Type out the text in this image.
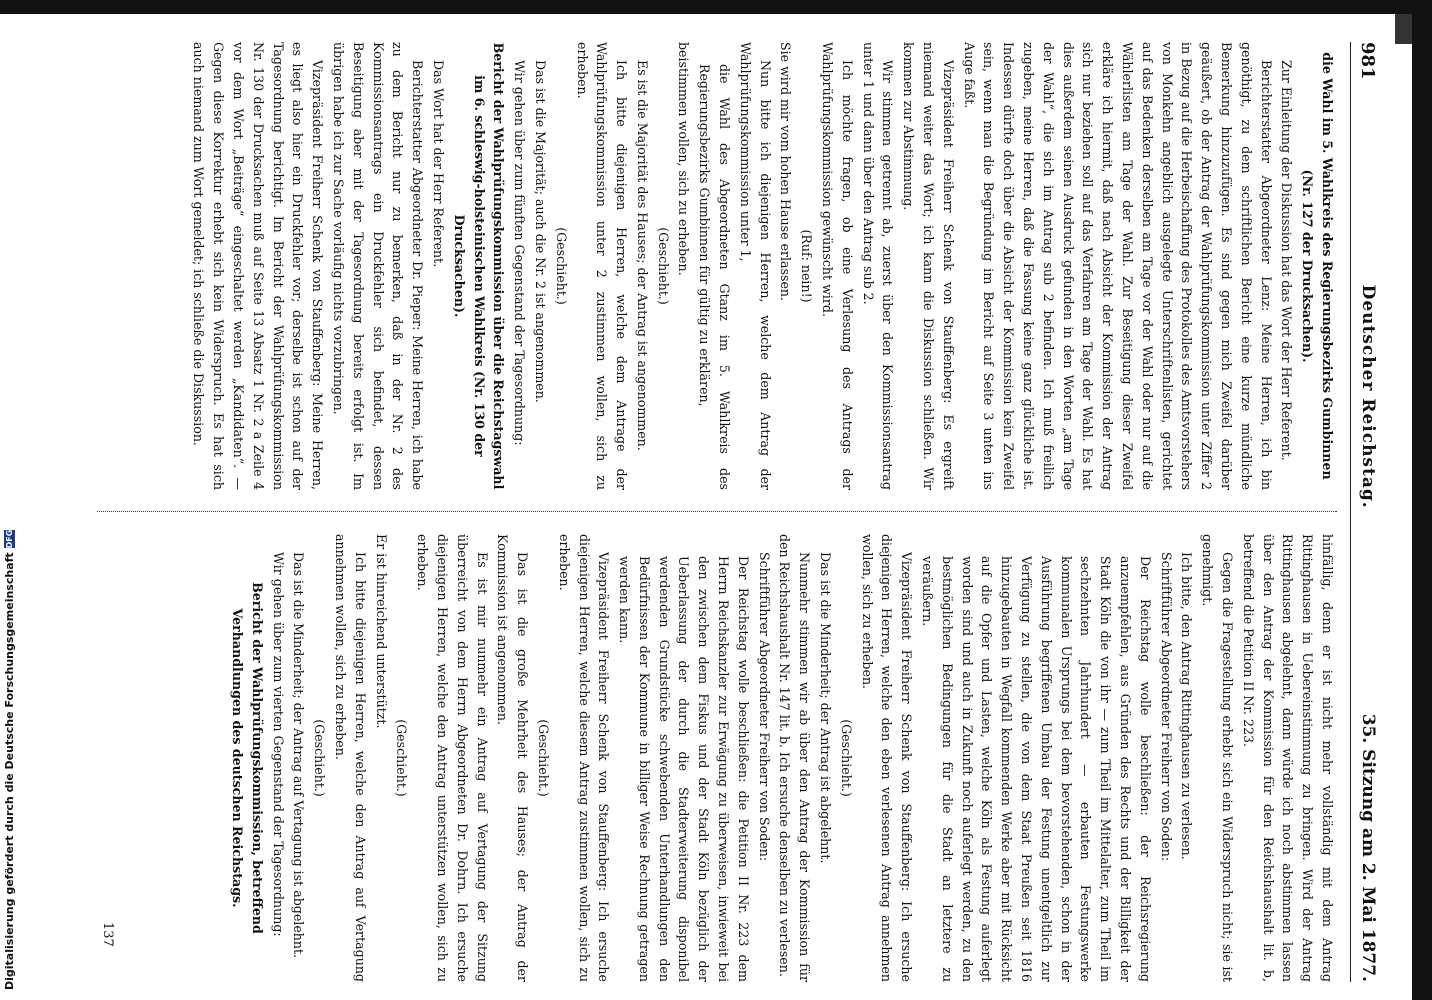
981
Deutscher Reichstag.
35. Sitzung am 2. Mai 1877.

die Wahl im 5. Wahlkreis des Regierungsbezirks Gumbinnen (Nr. 127 der Drucksachen).

Zur Einleitung der Diskussion hat das Wort der Herr Referent.

Berichterstatter Abgeordneter Lenz: Meine Herren, ich bin genöthigt, zu dem schriftlichen Bericht eine kurze mündliche Bemerkung hinzuzufügen. Es sind gegen mich Zweifel darüber geäußert, ob der Antrag der Wahlprüfungskommission unter Ziffer 2 in Bezug auf die Herbeischaffung des Protokolles des Amtsvorstehers von Monkehn angeblich ausgelegte Unterschriftenlisten, gerichtet auf das Bedenken derselben am Tage vor der Wahl oder nur auf die Wählerlisten am Tage der Wahl. Zur Beseitigung dieser Zweifel erkläre ich hiermit, daß nach Absicht der Kommission der Antrag sich nur beziehen soll auf das Verfahren am Tage der Wahl. Es hat dies außerdem seinen Ausdruck gefunden in den Worten „am Tage der Wahl“, die sich im Antrag sub 2 befinden. Ich muß freilich zugeben, meine Herren, daß die Fassung keine ganz glückliche ist. Indessen dürfte doch über die Absicht der Kommission kein Zweifel sein, wenn man die Begründung im Bericht auf Seite 3 unten ins Auge faßt.

Vizepräsident Freiherr Schenk von Stauffenberg: Es ergreift niemand weiter das Wort; ich kann die Diskussion schließen. Wir kommen zur Abstimmung.

Wir stimmen getrennt ab, zuerst über den Kommissionsantrag unter 1 und dann über den Antrag sub 2.

Ich möchte fragen, ob eine Verlesung des Antrags der Wahlprüfungskommission gewünscht wird.

(Ruf: nein!)

Sie wird mir vom hohen Hause erlassen.

Nun bitte ich diejenigen Herren, welche dem Antrag der Wahlprüfungskommission unter 1,

die Wahl des Abgeordneten Gtanz im 5. Wahlkreis des Regierungsbezirks Gumbinnen für gültig zu erklären,

beistimmen wollen, sich zu erheben.

(Geschieht.)

Es ist die Majorität des Hauses; der Antrag ist angenommen.

Ich bitte diejenigen Herren, welche dem Antrage der Wahlprüfungskommission unter 2 zustimmen wollen, sich zu erheben.

(Geschieht.)

Das ist die Majorität; auch die Nr. 2 ist angenommen.

Wir gehen über zum fünften Gegenstand der Tagesordnung:

Bericht der Wahlprüfungskommission über die Reichstagswahl im 6. schleswig-holsteinischen Wahlkreis (Nr. 130 der Drucksachen).

Das Wort hat der Herr Referent.

Berichterstatter Abgeordneter Dr. Pieper: Meine Herren, ich habe zu dem Bericht nur zu bemerken, daß in der Nr. 2 des Kommissionsantrags ein Druckfehler sich befindet, dessen Beseitigung aber mit der Tagesordnung bereits erfolgt ist. Im übrigen habe ich zur Sache vorläufig nichts vorzubringen.

Vizepräsident Freiherr Schenk von Stauffenberg: Meine Herren, es liegt also hier ein Druckfehler vor; derselbe ist schon auf der Tagesordnung berichtigt. Im Bericht der Wahlprüfungskommission Nr. 130 der Drucksachen muß auf Seite 13 Absatz 1 Nr. 2 a Zeile 4 vor dem Wort „Beiträge“ eingeschaltet werden „Kandidaten“. — Gegen diese Korrektur erhebt sich kein Widerspruch. Es hat sich auch niemand zum Wort gemeldet; ich schließe die Diskussion.

hinfällig, denn er ist nicht mehr vollständig mit dem Antrag Rittinghausen in Uebereinstimmung zu bringen. Wird der Antrag Rittinghausen abgelehnt, dann würde ich noch abstimmen lassen über den Antrag der Kommission für den Reichshaushalt lit. b, betreffend die Petition II Nr. 223.

Gegen die Fragestellung erhebt sich ein Widerspruch nicht; sie ist genehmigt.

Ich bitte, den Antrag Rittinghausen zu verlesen.

Schriftführer Abgeordneter Freiherr von Soden:

Der Reichstag wolle beschließen: der Reichsregierung anzuempfehlen, aus Gründen des Rechts und der Billigkeit der Stadt Köln die von ihr — zum Theil im Mittelalter, zum Theil im sechzehnten Jahrhundert — erbauten Festungswerke kommunalen Ursprungs bei dem bevorstehenden, schon in der Ausführung begriffenen Umbau der Festung unentgeltlich zur Verfügung zu stellen, die von dem Staat Preußen seit 1816 hinzugebauten in Wegfall kommenden Werke aber mit Rücksicht auf die Opfer und Lasten, welche Köln als Festung auferlegt worden sind und auch in Zukunft noch auferlegt werden, zu den bestmöglichen Bedingungen für die Stadt an letztere zu veräußern.

Vizepräsident Freiherr Schenk von Stauffenberg: Ich ersuche diejenigen Herren, welche den eben verlesenen Antrag annehmen wollen, sich zu erheben.

(Geschieht.)

Das ist die Minderheit; der Antrag ist abgelehnt.

Nunmehr stimmen wir ab über den Antrag der Kommission für den Reichshaushalt Nr. 147 lit. b. Ich ersuche denselben zu verlesen.

Schriftführer Abgeordneter Freiherr von Soden:

Der Reichstag wolle beschließen: die Petition II Nr. 223 dem Herrn Reichskanzler zur Erwägung zu überweisen, inwieweit bei den zwischen dem Fiskus und der Stadt Köln bezüglich der Ueberlassung der durch die Stadterweiterung disponibel werdenden Grundstücke schwebenden Unterhandlungen den Bedürfnissen der Kommune in billiger Weise Rechnung getragen werden kann.

Vizepräsident Freiherr Schenk von Stauffenberg: Ich ersuche diejenigen Herren, welche diesem Antrag zustimmen wollen, sich zu erheben.

(Geschieht.)

Das ist die große Mehrheit des Hauses; der Antrag der Kommission ist angenommen.

Es ist mir nunmehr ein Antrag auf Vertagung der Sitzung überreicht von dem Herrn Abgeordneten Dr. Dohrn. Ich ersuche diejenigen Herren, welche den Antrag unterstützen wollen, sich zu erheben.

(Geschieht.)

Er ist hinreichend unterstützt.

Ich bitte diejenigen Herren, welche den Antrag auf Vertagung annehmen wollen, sich zu erheben.

(Geschieht.)

Das ist die Minderheit; der Antrag auf Vertagung ist abgelehnt.

Wir gehen über zum vierten Gegenstand der Tagesordnung:

Bericht der Wahlprüfungskommission, betreffend Verhandlungen des deutschen Reichstags.

137
Digitalisierung gefördert durch die Deutsche Forschungsgemeinschaft
DFG
